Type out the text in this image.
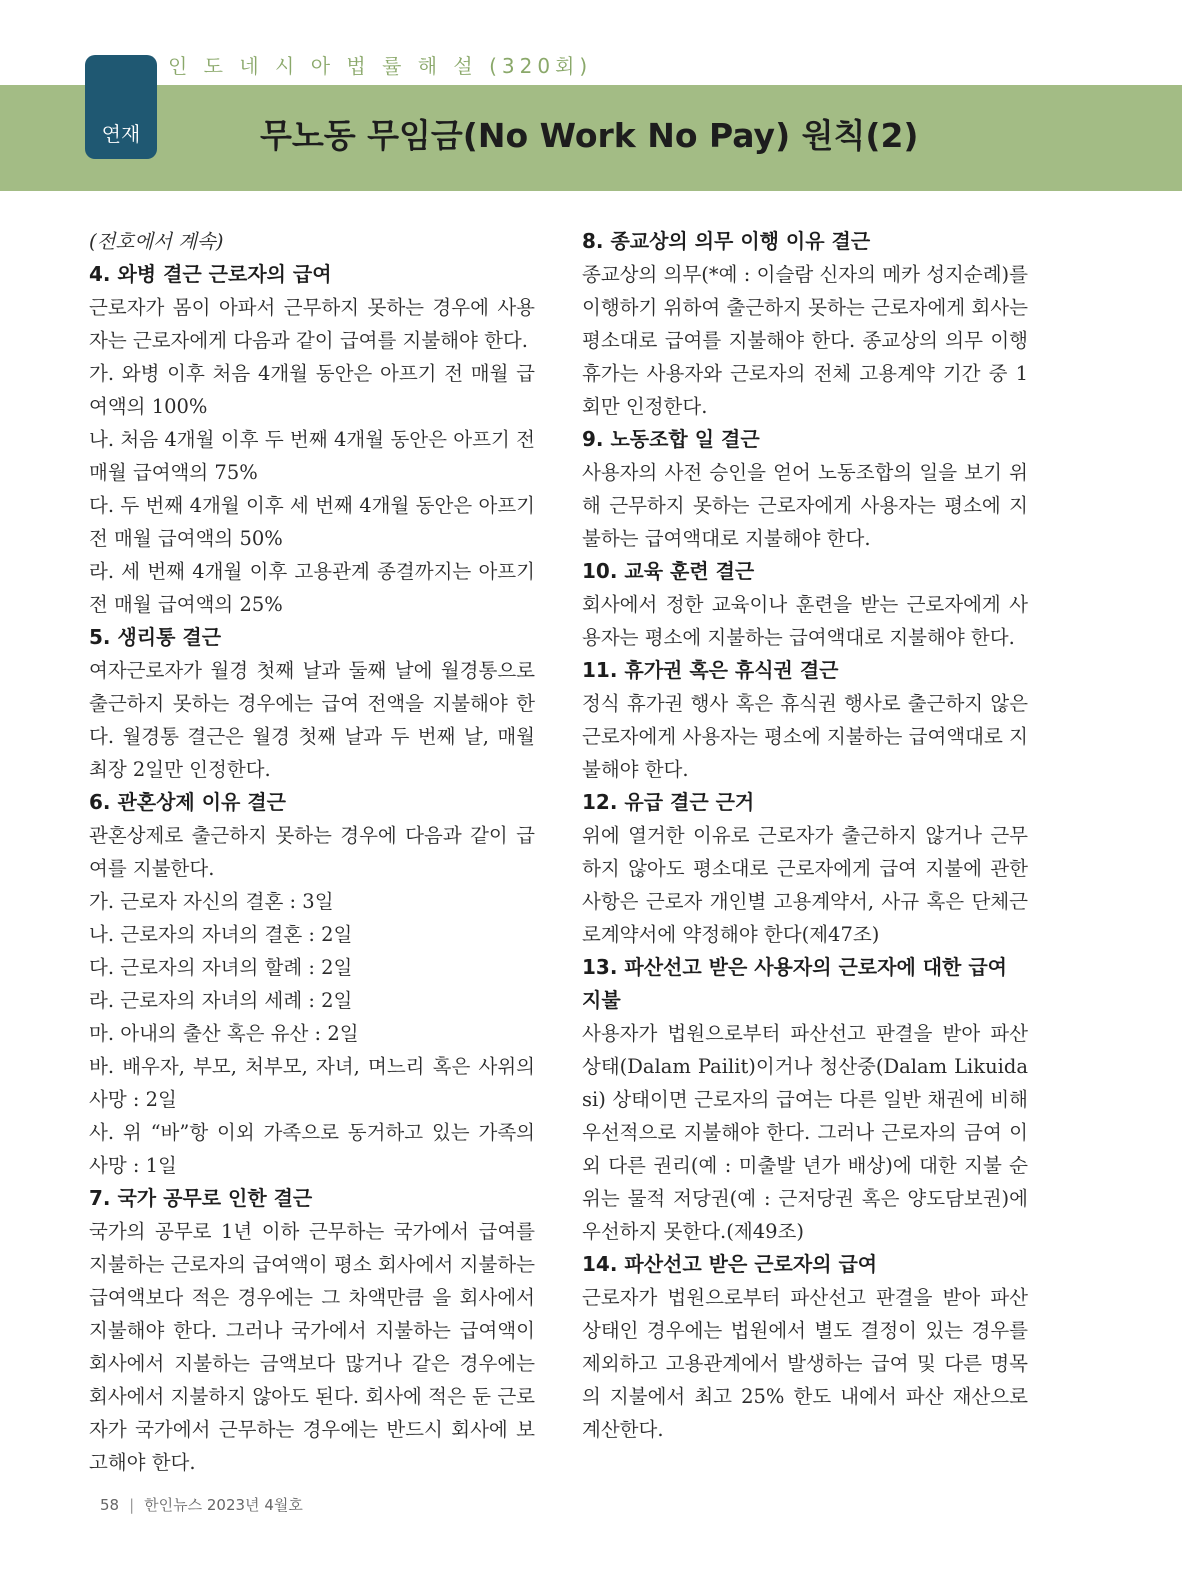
인 도 네 시 아 법 률 해 설 (320회)
연재	무노동 무임금(No Work No Pay) 원칙(2)

(전호에서 계속)

4. 와병 결근 근로자의 급여

근로자가 몸이 아파서 근무하지 못하는 경우에 사용자는 근로자에게 다음과 같이 급여를 지불해야 한다.

가. 와병 이후 처음 4개월 동안은 아프기 전 매월 급여액의 100%

나. 처음 4개월 이후 두 번째 4개월 동안은 아프기 전 매월 급여액의 75%

다. 두 번째 4개월 이후 세 번째 4개월 동안은 아프기 전 매월 급여액의 50%

라. 세 번째 4개월 이후 고용관계 종결까지는 아프기 전 매월 급여액의 25%

5. 생리통 결근

여자근로자가 월경 첫째 날과 둘째 날에 월경통으로 출근하지 못하는 경우에는 급여 전액을 지불해야 한다. 월경통 결근은 월경 첫째 날과 두 번째 날, 매월 최장 2일만 인정한다.

6. 관혼상제 이유 결근

관혼상제로 출근하지 못하는 경우에 다음과 같이 급여를 지불한다.

가. 근로자 자신의 결혼 : 3일

나. 근로자의 자녀의 결혼 : 2일

다. 근로자의 자녀의 할례 : 2일

라. 근로자의 자녀의 세례 : 2일

마. 아내의 출산 혹은 유산 : 2일

바. 배우자, 부모, 처부모, 자녀, 며느리 혹은 사위의 사망 : 2일

사. 위 “바”항 이외 가족으로 동거하고 있는 가족의 사망 : 1일

7. 국가 공무로 인한 결근

국가의 공무로 1년 이하 근무하는 국가에서 급여를 지불하는 근로자의 급여액이 평소 회사에서 지불하는 급여액보다 적은 경우에는 그 차액만큼 을 회사에서 지불해야 한다. 그러나 국가에서 지불하는 급여액이 회사에서 지불하는 금액보다 많거나 같은 경우에는 회사에서 지불하지 않아도 된다. 회사에 적은 둔 근로자가 국가에서 근무하는 경우에는 반드시 회사에 보고해야 한다.

8. 종교상의 의무 이행 이유 결근

종교상의 의무(*예 : 이슬람 신자의 메카 성지순례)를 이행하기 위하여 출근하지 못하는 근로자에게 회사는 평소대로 급여를 지불해야 한다. 종교상의 의무 이행 휴가는 사용자와 근로자의 전체 고용계약 기간 중 1회만 인정한다.

9. 노동조합 일 결근

사용자의 사전 승인을 얻어 노동조합의 일을 보기 위해 근무하지 못하는 근로자에게 사용자는 평소에 지불하는 급여액대로 지불해야 한다.

10. 교육 훈련 결근

회사에서 정한 교육이나 훈련을 받는 근로자에게 사용자는 평소에 지불하는 급여액대로 지불해야 한다.

11. 휴가권 혹은 휴식권 결근

정식 휴가권 행사 혹은 휴식권 행사로 출근하지 않은 근로자에게 사용자는 평소에 지불하는 급여액대로 지불해야 한다.

12. 유급 결근 근거

위에 열거한 이유로 근로자가 출근하지 않거나 근무하지 않아도 평소대로 근로자에게 급여 지불에 관한 사항은 근로자 개인별 고용계약서, 사규 혹은 단체근로계약서에 약정해야 한다(제47조)

13. 파산선고 받은 사용자의 근로자에 대한 급여 지불

사용자가 법원으로부터 파산선고 판결을 받아 파산 상태(Dalam Pailit)이거나 청산중(Dalam Likuidasi) 상태이면 근로자의 급여는 다른 일반 채권에 비해 우선적으로 지불해야 한다. 그러나 근로자의 금여 이외 다른 권리(예 : 미출발 년가 배상)에 대한 지불 순위는 물적 저당권(예 : 근저당권 혹은 양도담보권)에 우선하지 못한다.(제49조)

14. 파산선고 받은 근로자의 급여

근로자가 법원으로부터 파산선고 판결을 받아 파산 상태인 경우에는 법원에서 별도 결정이 있는 경우를 제외하고 고용관계에서 발생하는 급여 및 다른 명목의 지불에서 최고 25% 한도 내에서 파산 재산으로 계산한다.

58 | 한인뉴스 2023년 4월호
